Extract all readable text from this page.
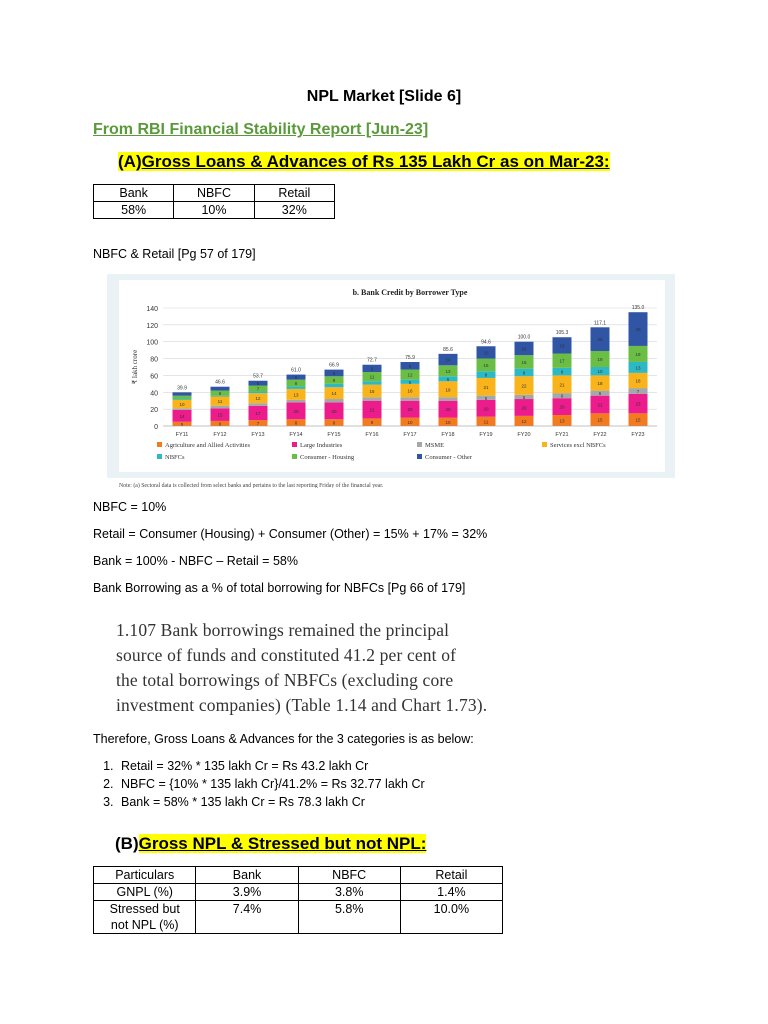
NPL Market [Slide 6]
From RBI Financial Stability Report [Jun-23]
(A)Gross Loans & Advances of Rs 135 Lakh Cr as on Mar-23:
Bank	NBFC	Retail
58%	10%	32%
NBFC & Retail [Pg 57 of 179]
b. Bank Credit by Borrower Type
0
20
40
60
80
100
120
140
₹ lakh crore
5
14
10
39.9
FY11
6
15
11
6
46.6
FY12
7
17
12
7
6
53.7
FY13
8
20
13
8
6
61.0
FY14
8
20
14
9
8
66.9
FY15
9
21
15
11
9
72.7
FY16
10
20
16
5
12
9
75.9
FY17
10
20
19
6
13
14
85.6
FY18
11
20
5
21
8
15
15
94.6
FY19
12
20
5
22
9
16
16
100.0
FY20
13
20
6
21
9
17
19
105.3
FY21
15
21
6
18
10
19
28
117.1
FY22
15
23
7
18
13
19
40
135.0
FY23
Agriculture and Allied Activities	Large Industries	MSME	Services excl NBFCs
NBFCs	Consumer - Housing	Consumer - Other
Note: (a) Sectoral data is collected from select banks and pertains to the last reporting Friday of the financial year.
NBFC = 10%
Retail = Consumer (Housing) + Consumer (Other) = 15% + 17% = 32%
Bank = 100% - NBFC – Retail = 58%
Bank Borrowing as a % of total borrowing for NBFCs [Pg 66 of 179]
1.107 Bank borrowings remained the principal
source of funds and constituted 41.2 per cent of
the total borrowings of NBFCs (excluding core
investment companies) (Table 1.14 and Chart 1.73).
Therefore, Gross Loans & Advances for the 3 categories is as below:
1. Retail = 32% * 135 lakh Cr = Rs 43.2 lakh Cr
2. NBFC = {10% * 135 lakh Cr}/41.2% = Rs 32.77 lakh Cr
3. Bank = 58% * 135 lakh Cr = Rs 78.3 lakh Cr
(B)Gross NPL & Stressed but not NPL:
Particulars	Bank	NBFC	Retail
GNPL (%)	3.9%	3.8%	1.4%

Stressed but
not NPL (%)	7.4%	5.8%	10.0%
